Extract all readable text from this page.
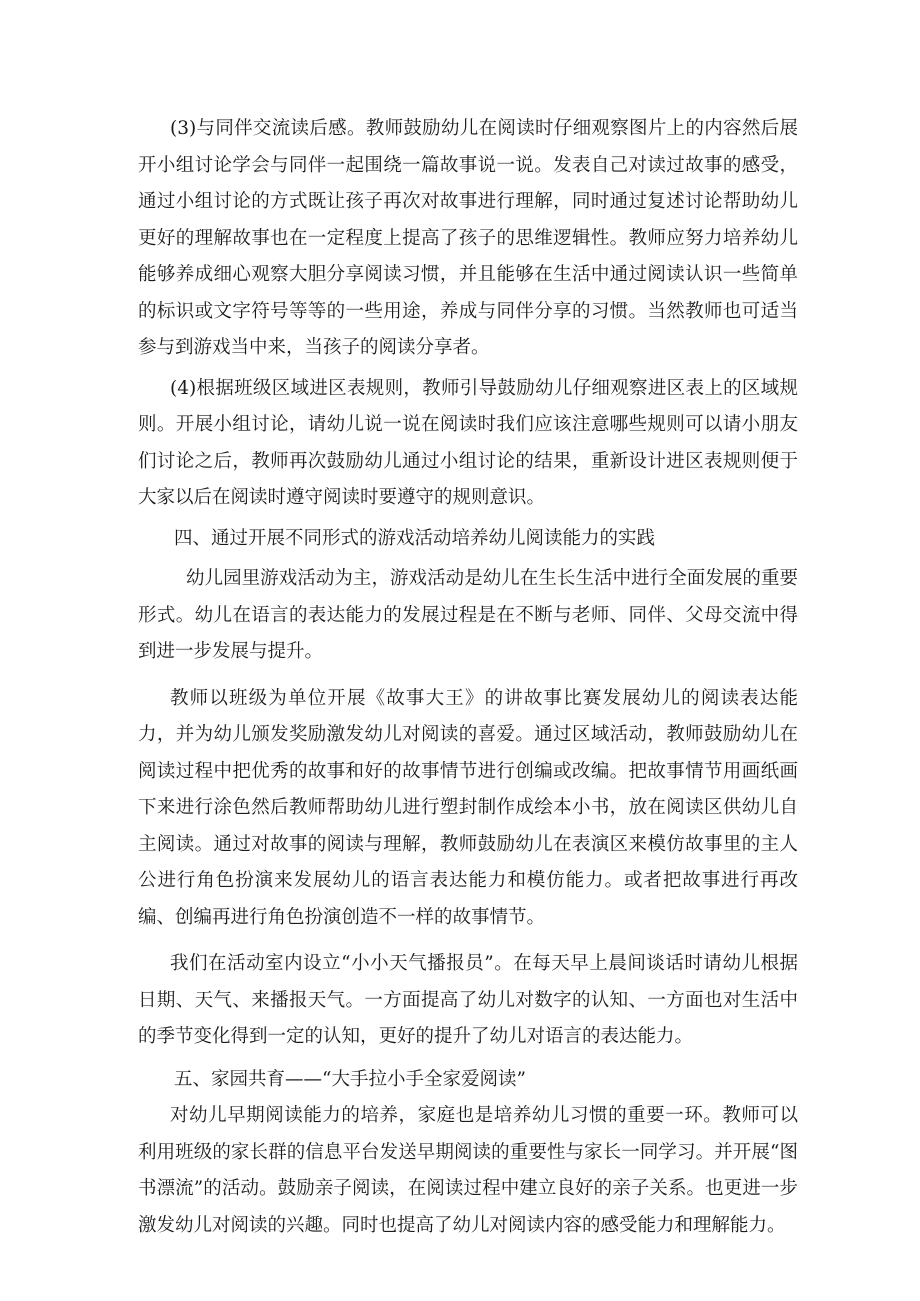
(3)与同伴交流读后感。教师鼓励幼儿在阅读时仔细观察图片上的内容然后展开小组讨论学会与同伴一起围绕一篇故事说一说。发表自己对读过故事的感受，通过小组讨论的方式既让孩子再次对故事进行理解，同时通过复述讨论帮助幼儿更好的理解故事也在一定程度上提高了孩子的思维逻辑性。教师应努力培养幼儿能够养成细心观察大胆分享阅读习惯，并且能够在生活中通过阅读认识一些简单的标识或文字符号等等的一些用途，养成与同伴分享的习惯。当然教师也可适当参与到游戏当中来，当孩子的阅读分享者。

(4)根据班级区域进区表规则，教师引导鼓励幼儿仔细观察进区表上的区域规则。开展小组讨论，请幼儿说一说在阅读时我们应该注意哪些规则可以请小朋友们讨论之后，教师再次鼓励幼儿通过小组讨论的结果，重新设计进区表规则便于大家以后在阅读时遵守阅读时要遵守的规则意识。

四、通过开展不同形式的游戏活动培养幼儿阅读能力的实践

幼儿园里游戏活动为主，游戏活动是幼儿在生长生活中进行全面发展的重要形式。幼儿在语言的表达能力的发展过程是在不断与老师、同伴、父母交流中得到进一步发展与提升。

教师以班级为单位开展《故事大王》的讲故事比赛发展幼儿的阅读表达能力，并为幼儿颁发奖励激发幼儿对阅读的喜爱。通过区域活动，教师鼓励幼儿在阅读过程中把优秀的故事和好的故事情节进行创编或改编。把故事情节用画纸画下来进行涂色然后教师帮助幼儿进行塑封制作成绘本小书，放在阅读区供幼儿自主阅读。通过对故事的阅读与理解，教师鼓励幼儿在表演区来模仿故事里的主人公进行角色扮演来发展幼儿的语言表达能力和模仿能力。或者把故事进行再改编、创编再进行角色扮演创造不一样的故事情节。

我们在活动室内设立“小小天气播报员”。在每天早上晨间谈话时请幼儿根据日期、天气、来播报天气。一方面提高了幼儿对数字的认知、一方面也对生活中的季节变化得到一定的认知，更好的提升了幼儿对语言的表达能力。

五、家园共育——“大手拉小手全家爱阅读”

对幼儿早期阅读能力的培养，家庭也是培养幼儿习惯的重要一环。教师可以利用班级的家长群的信息平台发送早期阅读的重要性与家长一同学习。并开展“图书漂流”的活动。鼓励亲子阅读，在阅读过程中建立良好的亲子关系。也更进一步激发幼儿对阅读的兴趣。同时也提高了幼儿对阅读内容的感受能力和理解能力。
